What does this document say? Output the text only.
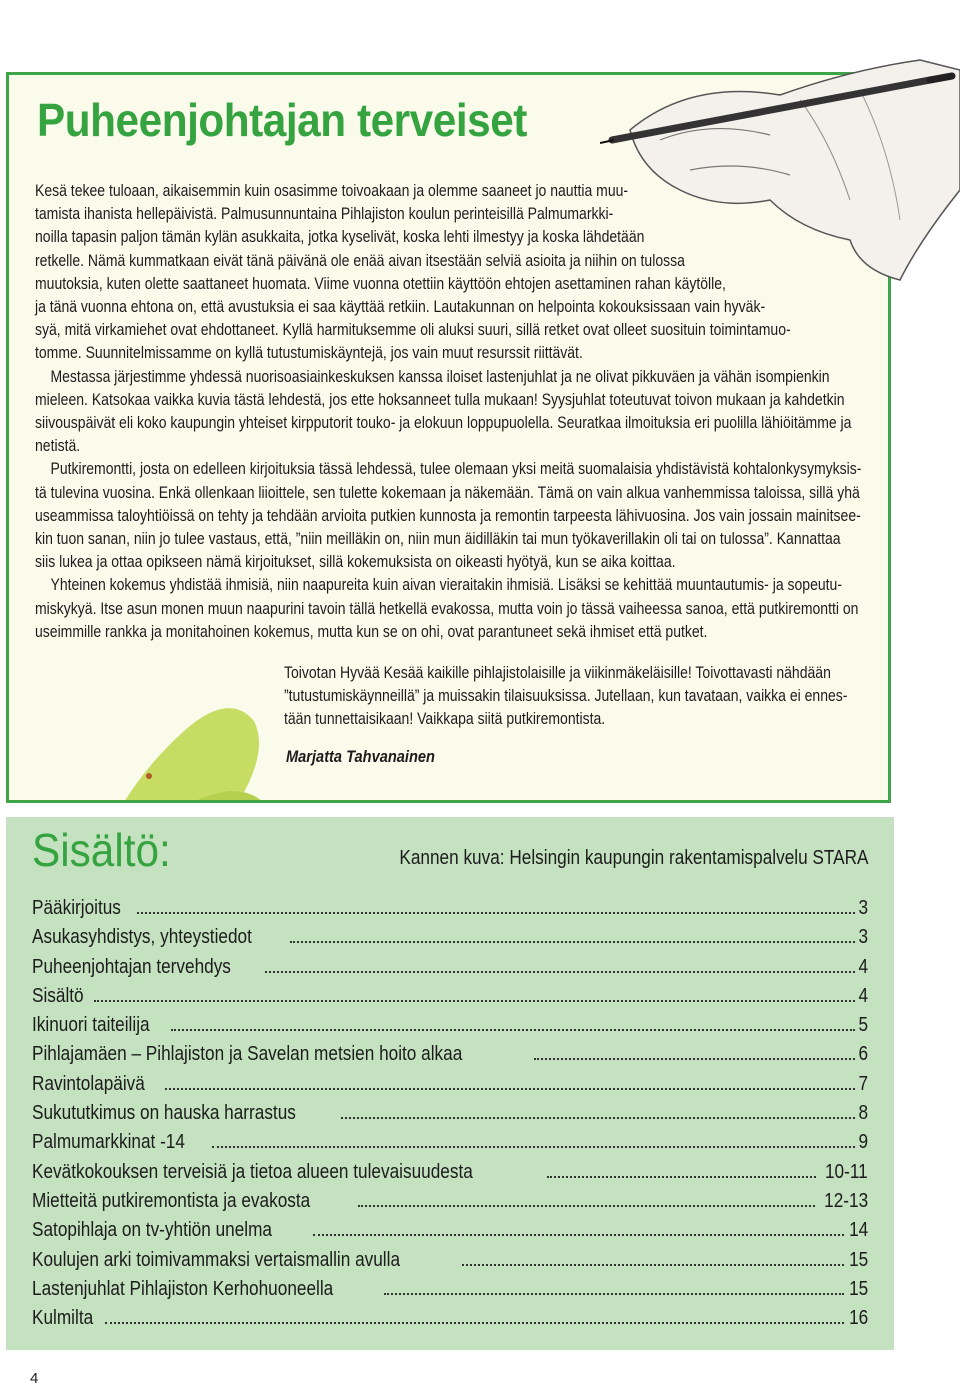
Puheenjohtajan terveiset

Kesä tekee tuloaan, aikaisemmin kuin osasimme toivoakaan ja olemme saaneet jo nauttia muu-
tamista ihanista hellepäivistä. Palmusunnuntaina Pihlajiston koulun perinteisillä Palmumarkki-
noilla tapasin paljon tämän kylän asukkaita, jotka kyselivät, koska lehti ilmestyy ja koska lähdetään
retkelle. Nämä kummatkaan eivät tänä päivänä ole enää aivan itsestään selviä asioita ja niihin on tulossa
muutoksia, kuten olette saattaneet huomata. Viime vuonna otettiin käyttöön ehtojen asettaminen rahan käytölle,
ja tänä vuonna ehtona on, että avustuksia ei saa käyttää retkiin. Lautakunnan on helpointa kokouksissaan vain hyväk-
syä, mitä virkamiehet ovat ehdottaneet. Kyllä harmituksemme oli aluksi suuri, sillä retket ovat olleet suosituin toimintamuo-
tomme. Suunnitelmissamme on kyllä tutustumiskäyntejä, jos vain muut resurssit riittävät.

Mestassa järjestimme yhdessä nuorisoasiainkeskuksen kanssa iloiset lastenjuhlat ja ne olivat pikkuväen ja vähän isompienkin
mieleen. Katsokaa vaikka kuvia tästä lehdestä, jos ette hoksanneet tulla mukaan! Syysjuhlat toteutuvat toivon mukaan ja kahdetkin
siivouspäivät eli koko kaupungin yhteiset kirpputorit touko- ja elokuun loppupuolella. Seuratkaa ilmoituksia eri puolilla lähiöitämme ja
netistä.

Putkiremontti, josta on edelleen kirjoituksia tässä lehdessä, tulee olemaan yksi meitä suomalaisia yhdistävistä kohtalonkysymyksis-
tä tulevina vuosina. Enkä ollenkaan liioittele, sen tulette kokemaan ja näkemään. Tämä on vain alkua vanhemmissa taloissa, sillä yhä
useammissa taloyhtiöissä on tehty ja tehdään arvioita putkien kunnosta ja remontin tarpeesta lähivuosina. Jos vain jossain mainitsee-
kin tuon sanan, niin jo tulee vastaus, että, ”niin meilläkin on, niin mun äidilläkin tai mun työkaverillakin oli tai on tulossa”. Kannattaa
siis lukea ja ottaa opikseen nämä kirjoitukset, sillä kokemuksista on oikeasti hyötyä, kun se aika koittaa.

Yhteinen kokemus yhdistää ihmisiä, niin naapureita kuin aivan vieraitakin ihmisiä. Lisäksi se kehittää muuntautumis- ja sopeutu-
miskykyä. Itse asun monen muun naapurini tavoin tällä hetkellä evakossa, mutta voin jo tässä vaiheessa sanoa, että putkiremontti on
useimmille rankka ja monitahoinen kokemus, mutta kun se on ohi, ovat parantuneet sekä ihmiset että putket.

Toivotan Hyvää Kesää kaikille pihlajistolaisille ja viikinmäkeläisille! Toivottavasti nähdään
”tutustumiskäynneillä” ja muissakin tilaisuuksissa. Jutellaan, kun tavataan, vaikka ei ennes-
tään tunnettaisikaan! Vaikkapa siitä putkiremontista.
Marjatta Tahvanainen
Sisältö:	Kannen kuva: Helsingin kaupungin rakentamispalvelu STARA
Pääkirjoitus	3
Asukasyhdistys, yhteystiedot	3
Puheenjohtajan tervehdys	4
Sisältö	4
Ikinuori taiteilija	5
Pihlajamäen – Pihlajiston ja Savelan metsien hoito alkaa	6
Ravintolapäivä	7
Sukututkimus on hauska harrastus	8
Palmumarkkinat -14	9
Kevätkokouksen terveisiä ja tietoa alueen tulevaisuudesta	10-11
Mietteitä putkiremontista ja evakosta	12-13
Satopihlaja on tv-yhtiön unelma	14
Koulujen arki toimivammaksi vertaismallin avulla	15
Lastenjuhlat Pihlajiston Kerhohuoneella	15
Kulmilta	16
4
